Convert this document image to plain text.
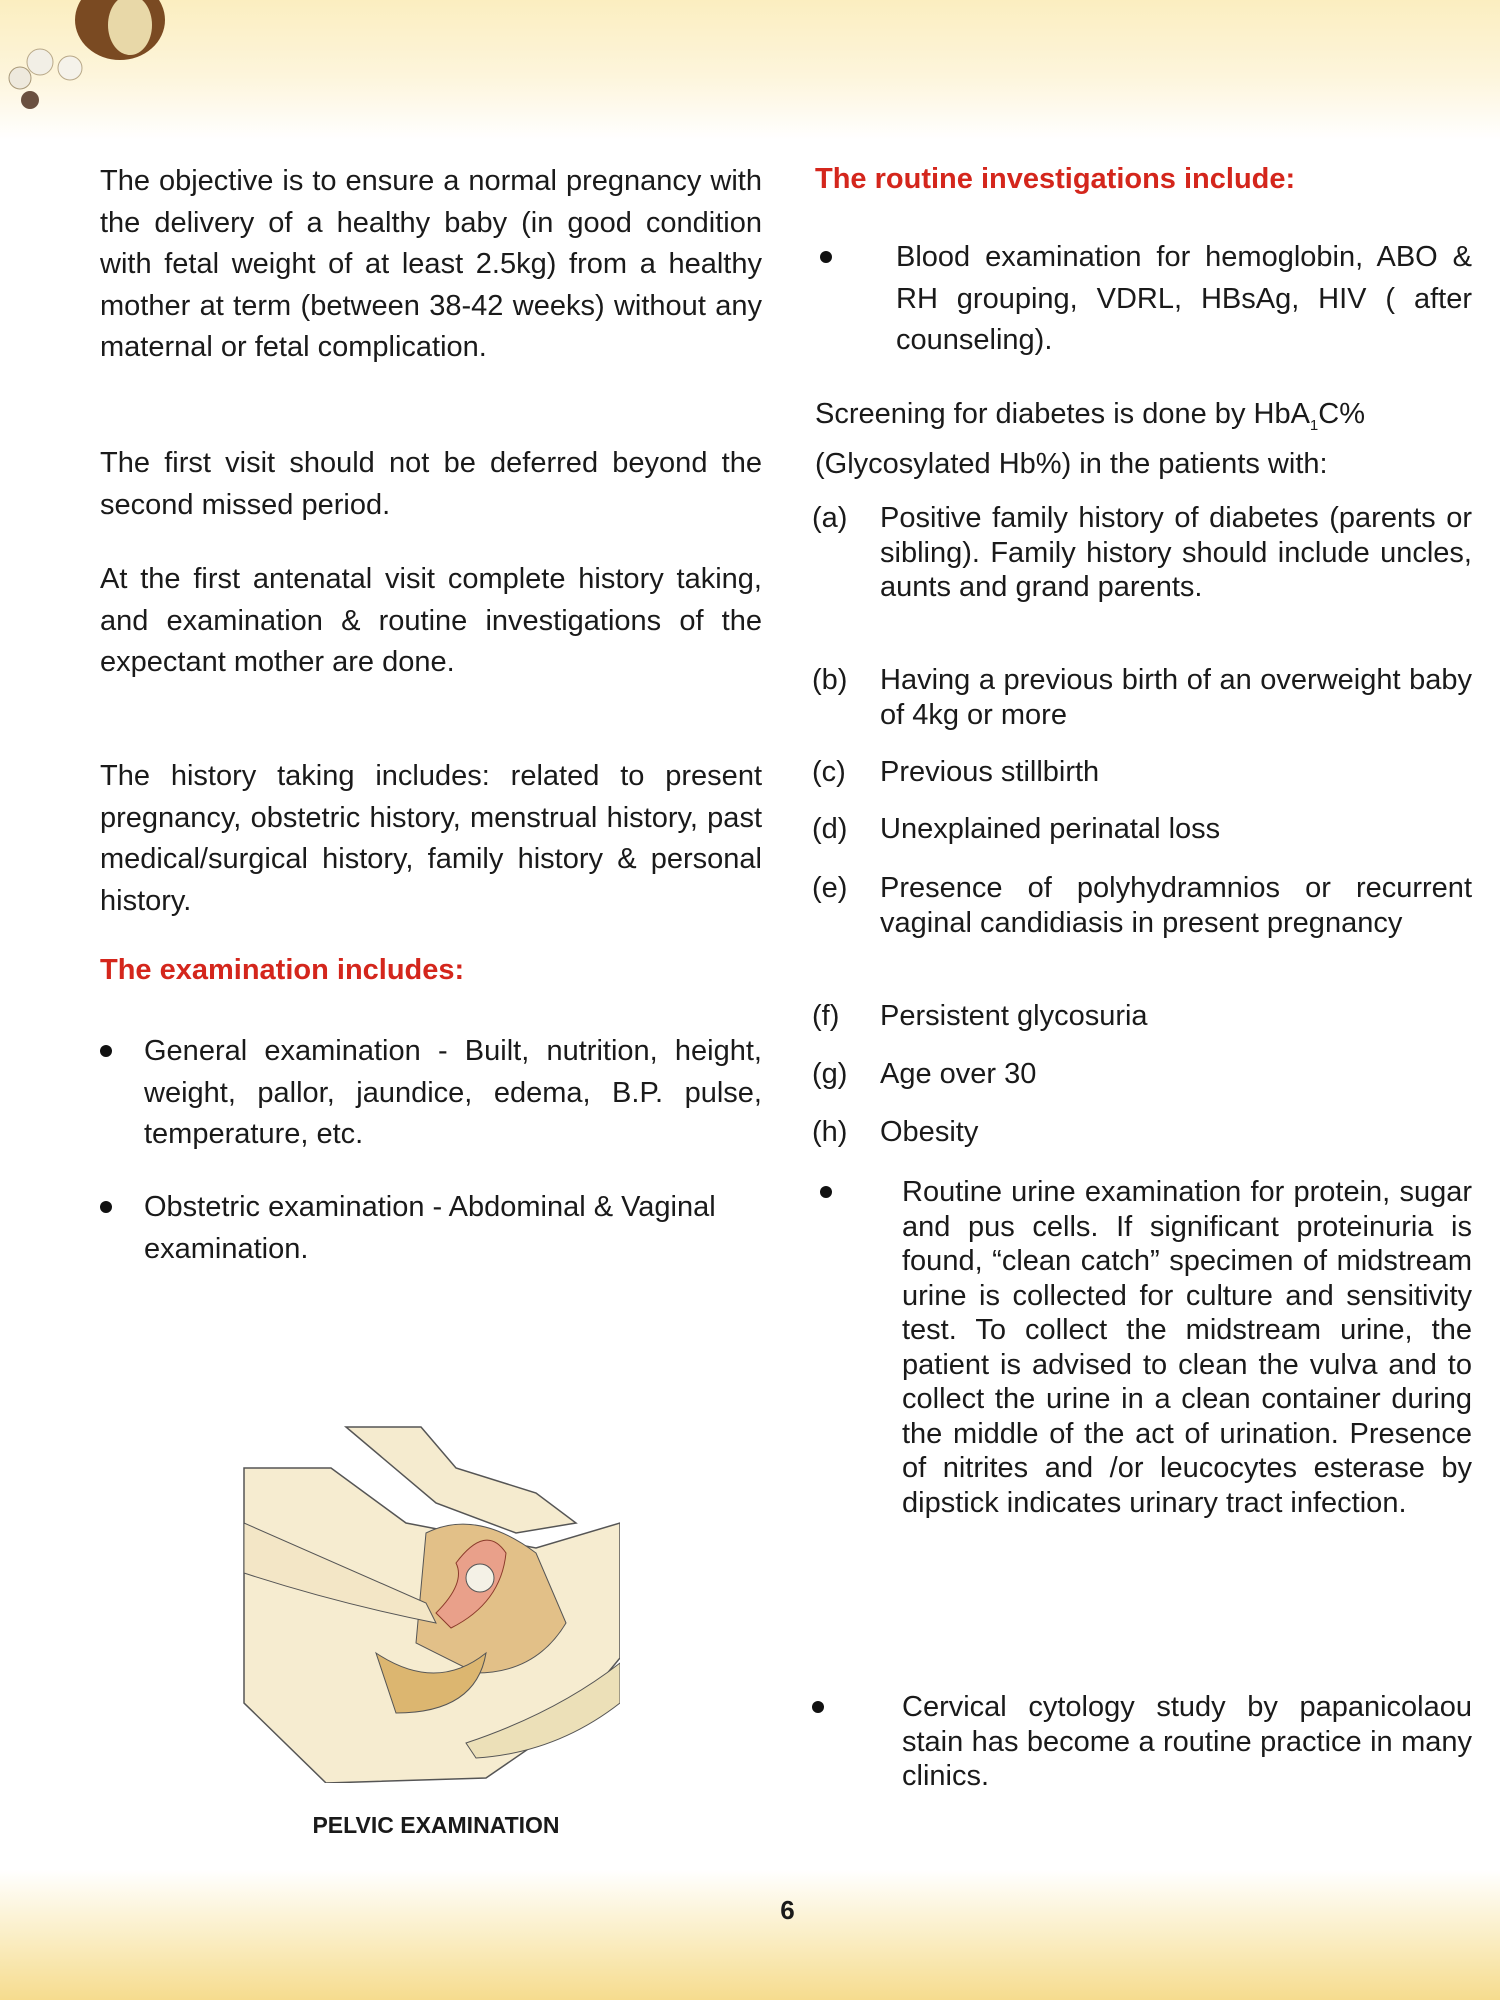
The objective is to ensure a normal pregnancy with the delivery of a healthy baby (in good condition with fetal weight of at least 2.5kg) from a healthy mother at term (between 38-42 weeks) without any maternal or fetal complication.

The first visit should not be deferred beyond the second missed period.

At the first antenatal visit complete history taking, and examination & routine investigations of the expectant mother are done.

The history taking includes: related to present pregnancy, obstetric history, menstrual history, past medical/surgical history, family history & personal history.

The examination includes:
General examination - Built, nutrition, height, weight, pallor, jaundice, edema, B.P. pulse, temperature, etc.
Obstetric examination - Abdominal & Vaginal examination.
PELVIC EXAMINATION
The routine investigations include:
Blood examination for hemoglobin, ABO & RH grouping, VDRL, HBsAg, HIV ( after counseling).
Screening for diabetes is done by HbA$_1$C% (Glycosylated Hb%) in the patients with:
(a)	Positive family history of diabetes (parents or sibling). Family history should include uncles, aunts and grand parents.
(b)	Having a previous birth of an overweight baby of 4kg or more
(c)	Previous stillbirth
(d)	Unexplained perinatal loss
(e)	Presence of polyhydramnios or recurrent vaginal candidiasis in present pregnancy
(f)	Persistent glycosuria
(g)	Age over 30
(h)	Obesity
Routine urine examination for protein, sugar and pus cells. If significant proteinuria is found, “clean catch” specimen of midstream urine is collected for culture and sensitivity test. To collect the midstream urine, the patient is advised to clean the vulva and to collect the urine in a clean container during the middle of the act of urination. Presence of nitrites and /or leucocytes esterase by dipstick indicates urinary tract infection.
Cervical cytology study by papanicolaou stain has become a routine practice in many clinics.
6
